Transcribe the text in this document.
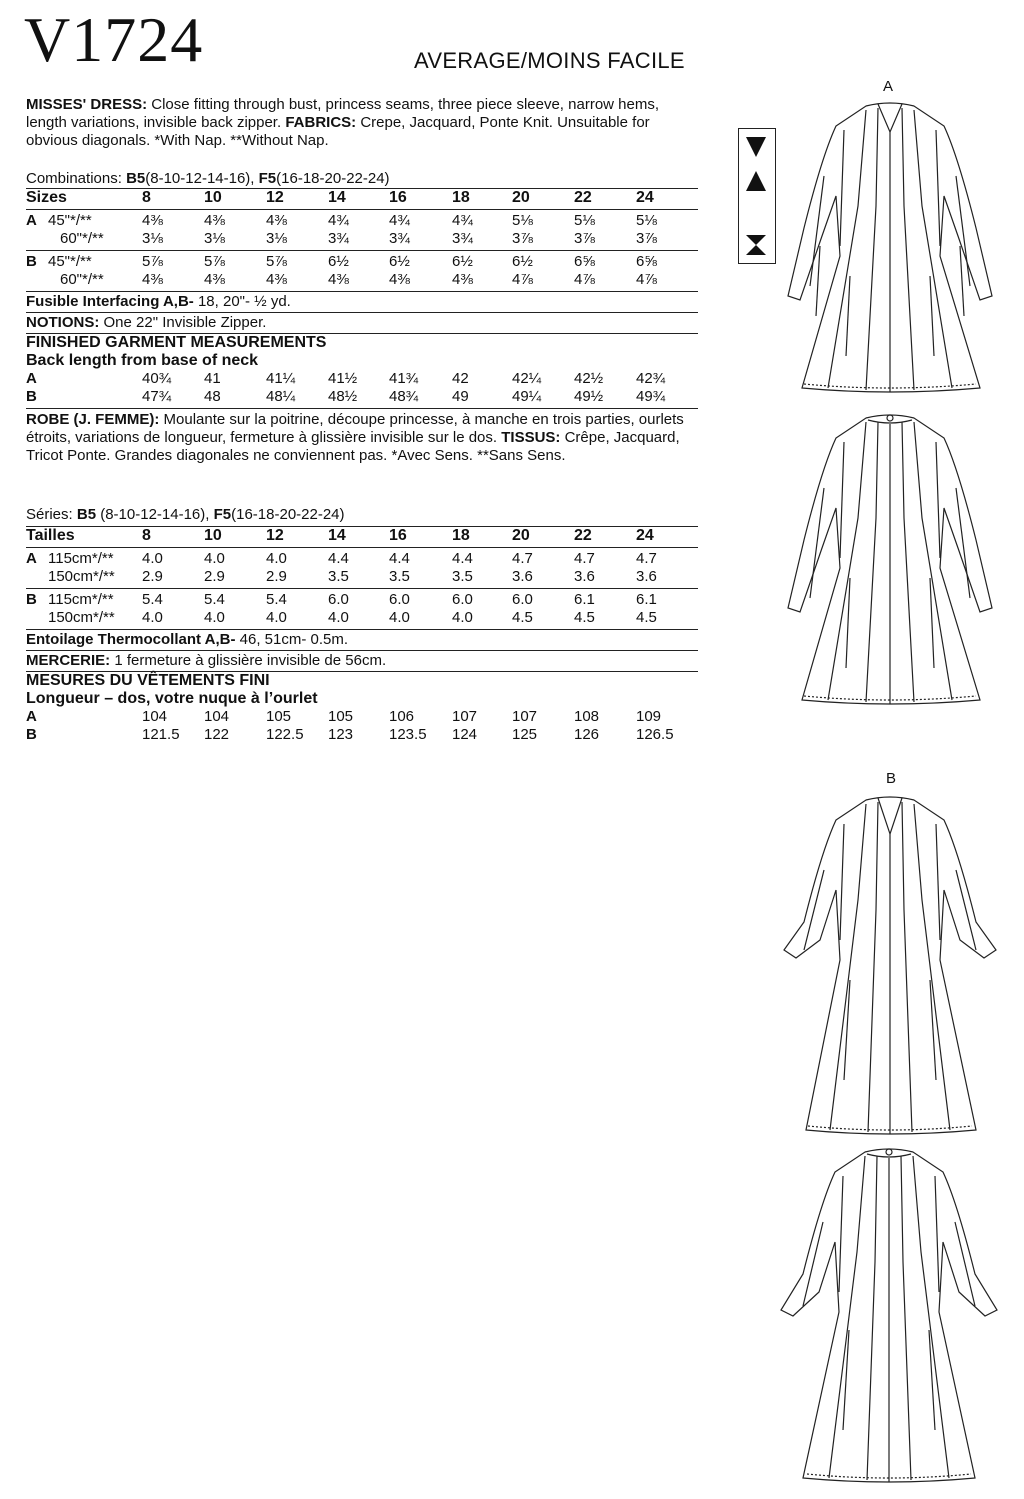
V1724	AVERAGE/MOINS FACILE

MISSES' DRESS: Close fitting through bust, princess seams, three piece sleeve, narrow hems, length variations, invisible back zipper. FABRICS: Crepe, Jacquard, Ponte Knit. Unsuitable for obvious diagonals. *With Nap. **Without Nap.

Combinations: B5(8-10-12-14-16), F5(16-18-20-22-24)
Sizes	8	10	12	14	16	18	20	22	24
A 45"*/**	4⅜	4⅜	4⅜	4¾	4¾	4¾	5⅛	5⅛	5⅛
60"*/**	3⅛	3⅛	3⅛	3¾	3¾	3¾	3⅞	3⅞	3⅞
B 45"*/**	5⅞	5⅞	5⅞	6½	6½	6½	6½	6⅝	6⅝
60"*/**	4⅜	4⅜	4⅜	4⅜	4⅜	4⅜	4⅞	4⅞	4⅞
Fusible Interfacing A,B- 18, 20"- ½ yd.
NOTIONS: One 22" Invisible Zipper.
FINISHED GARMENT MEASUREMENTS
Back length from base of neck
A	40¾ 41	41¼ 41½ 41¾ 42	42¼ 42½ 42¾
B	47¾ 48	48¼ 48½ 48¾ 49	49¼ 49½ 49¾

ROBE (J. FEMME): Moulante sur la poitrine, découpe princesse, à manche en trois parties, ourlets étroits, variations de longueur, fermeture à glissière invisible sur le dos. TISSUS: Crêpe, Jacquard, Tricot Ponte. Grandes diagonales ne conviennent pas. *Avec Sens. **Sans Sens.

Séries: B5 (8-10-12-14-16), F5(16-18-20-22-24)
Tailles	8	10	12	14	16	18	20	22	24
A 115cm*/** 4.0	4.0	4.0	4.4	4.4	4.4	4.7	4.7	4.7
150cm*/** 2.9	2.9	2.9	3.5	3.5	3.5	3.6	3.6	3.6
B 115cm*/** 5.4	5.4	5.4	6.0	6.0	6.0	6.0	6.1	6.1
150cm*/** 4.0	4.0	4.0	4.0	4.0	4.0	4.5	4.5	4.5
Entoilage Thermocollant A,B- 46, 51cm- 0.5m.
MERCERIE: 1 fermeture à glissière invisible de 56cm.
MESURES DU VÊTEMENTS FINI
Longueur – dos, votre nuque à l’ourlet
A	104 104 105 105 106	107 107 108 109
B	121.5 122 122.5 123 123.5 124 125 126 126.5
A
B
